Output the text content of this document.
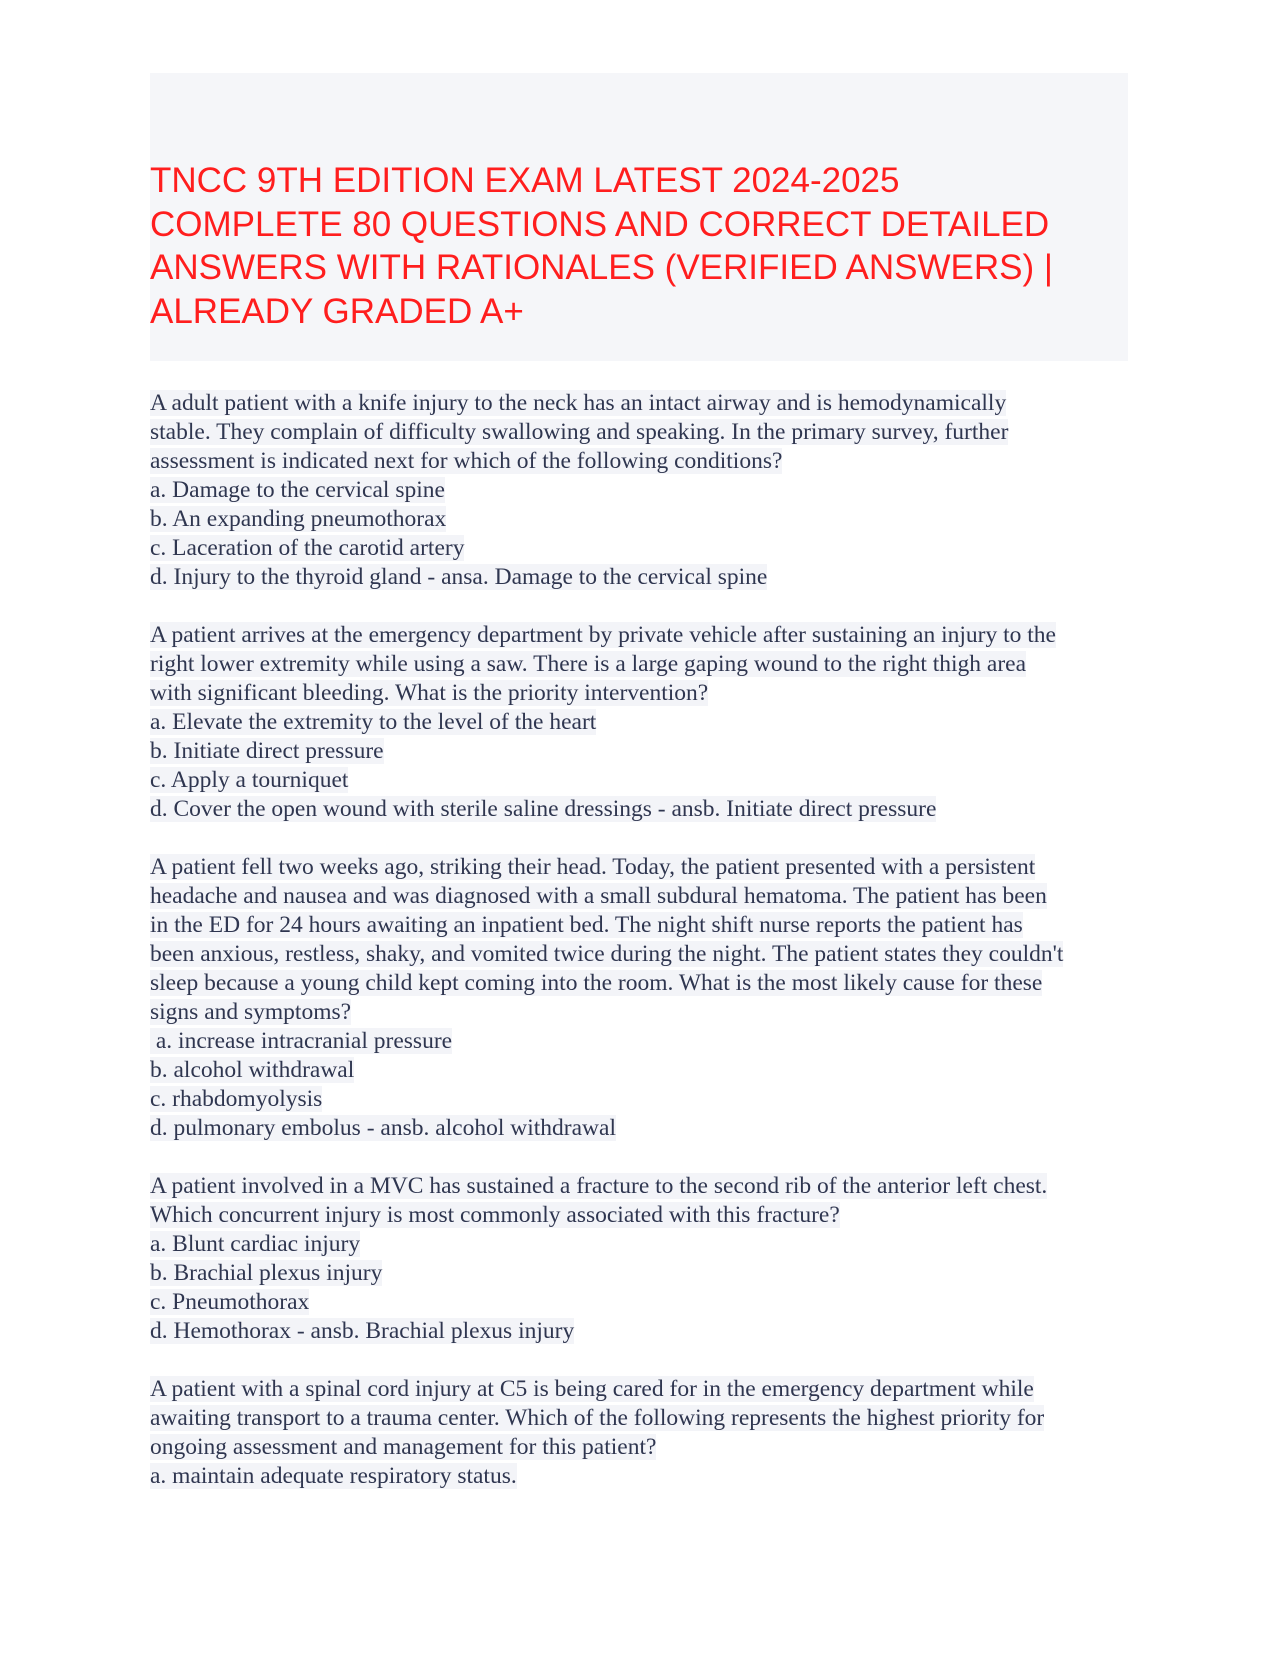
TNCC 9TH EDITION EXAM LATEST 2024-2025
COMPLETE 80 QUESTIONS AND CORRECT DETAILED
ANSWERS WITH RATIONALES (VERIFIED ANSWERS) |
ALREADY GRADED A+
A adult patient with a knife injury to the neck has an intact airway and is hemodynamically
stable. They complain of difficulty swallowing and speaking. In the primary survey, further
assessment is indicated next for which of the following conditions?
a. Damage to the cervical spine
b. An expanding pneumothorax
c. Laceration of the carotid artery
d. Injury to the thyroid gland - ansa. Damage to the cervical spine
A patient arrives at the emergency department by private vehicle after sustaining an injury to the
right lower extremity while using a saw. There is a large gaping wound to the right thigh area
with significant bleeding. What is the priority intervention?
a. Elevate the extremity to the level of the heart
b. Initiate direct pressure
c. Apply a tourniquet
d. Cover the open wound with sterile saline dressings - ansb. Initiate direct pressure
A patient fell two weeks ago, striking their head. Today, the patient presented with a persistent
headache and nausea and was diagnosed with a small subdural hematoma. The patient has been
in the ED for 24 hours awaiting an inpatient bed. The night shift nurse reports the patient has
been anxious, restless, shaky, and vomited twice during the night. The patient states they couldn't
sleep because a young child kept coming into the room. What is the most likely cause for these
signs and symptoms?
a. increase intracranial pressure
b. alcohol withdrawal
c. rhabdomyolysis
d. pulmonary embolus - ansb. alcohol withdrawal
A patient involved in a MVC has sustained a fracture to the second rib of the anterior left chest.
Which concurrent injury is most commonly associated with this fracture?
a. Blunt cardiac injury
b. Brachial plexus injury
c. Pneumothorax
d. Hemothorax - ansb. Brachial plexus injury
A patient with a spinal cord injury at C5 is being cared for in the emergency department while
awaiting transport to a trauma center. Which of the following represents the highest priority for
ongoing assessment and management for this patient?
a. maintain adequate respiratory status.
